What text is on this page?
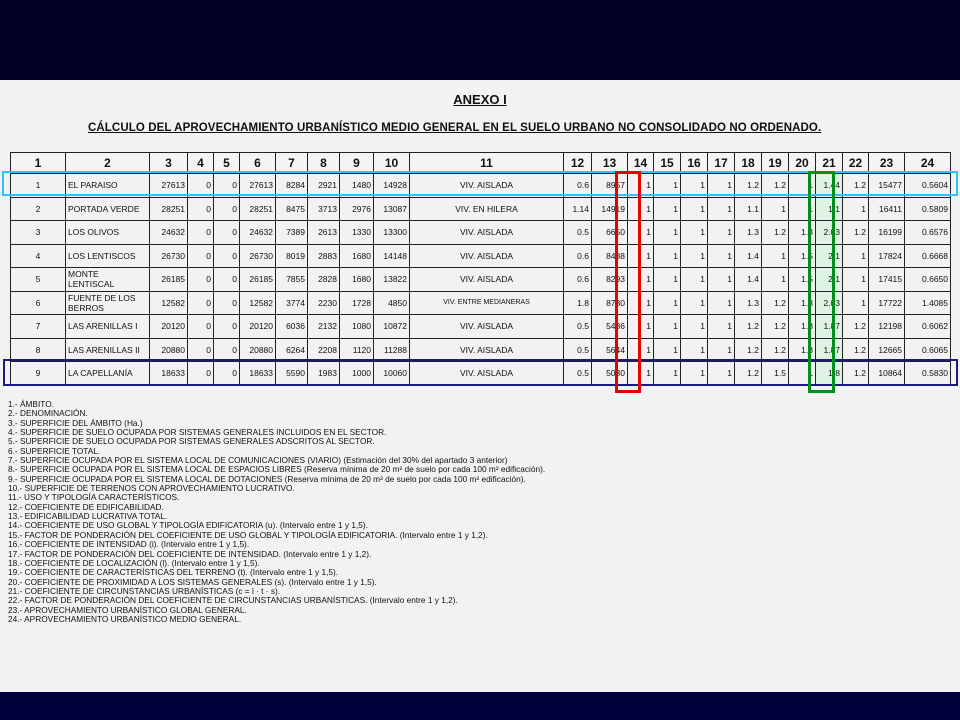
ANEXO I
CÁLCULO DEL APROVECHAMIENTO URBANÍSTICO MEDIO GENERAL EN EL SUELO URBANO NO CONSOLIDADO NO ORDENADO.
1	2	3	4	5	6	7	8	9	10	11	12	13	14	15	16	17	18	19	20	21	22	23	24
1	EL PARAISO	27613	0	0	27613	8284	2921	1480	14928	VIV. AISLADA	0.6	8957	1	1	1	1	1.2	1.2	1	1.44	1.2	15477	0.5604
2	PORTADA VERDE	28251	0	0	28251	8475	3713	2976	13087	VIV. EN HILERA	1.14	14919	1	1	1	1	1.1	1	1	1.1	1	16411	0.5809
3	LOS OLIVOS	24632	0	0	24632	7389	2613	1330	13300	VIV. AISLADA	0.5	6650	1	1	1	1	1.3	1.2	1.3	2.03	1.2	16199	0.6576
4	LOS LENTISCOS	26730	0	0	26730	8019	2883	1680	14148	VIV. AISLADA	0.6	8488	1	1	1	1	1.4	1	1.5	2.1	1	17824	0.6668
5	MONTE LENTISCAL	26185	0	0	26185	7855	2828	1680	13822	VIV. AISLADA	0.6	8293	1	1	1	1	1.4	1	1.5	2.1	1	17415	0.6650
6	FUENTE DE LOS BERROS	12582	0	0	12582	3774	2230	1728	4850	VIV. ENTRE MEDIANERAS	1.8	8730	1	1	1	1	1.3	1.2	1.3	2.03	1	17722	1.4085
7	LAS ARENILLAS I	20120	0	0	20120	6036	2132	1080	10872	VIV. AISLADA	0.5	5436	1	1	1	1	1.2	1.2	1.3	1.87	1.2	12198	0.6062
8	LAS ARENILLAS II	20880	0	0	20880	6264	2208	1120	11288	VIV. AISLADA	0.5	5644	1	1	1	1	1.2	1.2	1.3	1.87	1.2	12665	0.6065
9	LA CAPELLANÍA	18633	0	0	18633	5590	1983	1000	10060	VIV. AISLADA	0.5	5030	1	1	1	1	1.2	1.5	1	1.8	1.2	10864	0.5830
1.- ÁMBITO.
2.- DENOMINACIÓN.
3.- SUPERFICIE DEL ÁMBITO (Ha.)
4.- SUPERFICIE DE SUELO OCUPADA POR SISTEMAS GENERALES INCLUIDOS EN EL SECTOR.
5.- SUPERFICIE DE SUELO OCUPADA POR SISTEMAS GENERALES ADSCRITOS AL SECTOR.
6.- SUPERFICIE TOTAL.
7.- SUPERFICIE OCUPADA POR EL SISTEMA LOCAL DE COMUNICACIONES (VIARIO) (Estimación del 30% del apartado 3 anterior)
8.- SUPERFICIE OCUPADA POR EL SISTEMA LOCAL DE ESPACIOS LIBRES (Reserva mínima de 20 m² de suelo por cada 100 m² edificación).
9.- SUPERFICIE OCUPADA POR EL SISTEMA LOCAL DE DOTACIONES (Reserva mínima de 20 m² de suelo por cada 100 m² edificación).
10.- SUPERFICIE DE TERRENOS CON APROVECHAMIENTO LUCRATIVO.
11.- USO Y TIPOLOGÍA CARACTERÍSTICOS.
12.- COEFICIENTE DE EDIFICABILIDAD.
13.- EDIFICABILIDAD LUCRATIVA TOTAL.
14.- COEFICIENTE DE USO GLOBAL Y TIPOLOGÍA EDIFICATORIA (u). (Intervalo entre 1 y 1,5).
15.- FACTOR DE PONDERACIÓN DEL COEFICIENTE DE USO GLOBAL Y TIPOLOGÍA EDIFICATORIA. (Intervalo entre 1 y 1,2).
16.- COEFICIENTE DE INTENSIDAD (i). (Intervalo entre 1 y 1,5).
17.- FACTOR DE PONDERACIÓN DEL COEFICIENTE DE INTENSIDAD. (Intervalo entre 1 y 1,2).
18.- COEFICIENTE DE LOCALIZACIÓN (l). (Intervalo entre 1 y 1,5).
19.- COEFICIENTE DE CARACTERÍSTICAS DEL TERRENO (t). (Intervalo entre 1 y 1,5).
20.- COEFICIENTE DE PROXIMIDAD A LOS SISTEMAS GENERALES (s). (Intervalo entre 1 y 1,5).
21.- COEFICIENTE DE CIRCUNSTANCIAS URBANÍSTICAS (c = l · t · s).
22.- FACTOR DE PONDERACIÓN DEL COEFICIENTE DE CIRCUNSTANCIAS URBANÍSTICAS. (Intervalo entre 1 y 1,2).
23.- APROVECHAMIENTO URBANÍSTICO GLOBAL GENERAL.
24.- APROVECHAMIENTO URBANÍSTICO MEDIO GENERAL.
